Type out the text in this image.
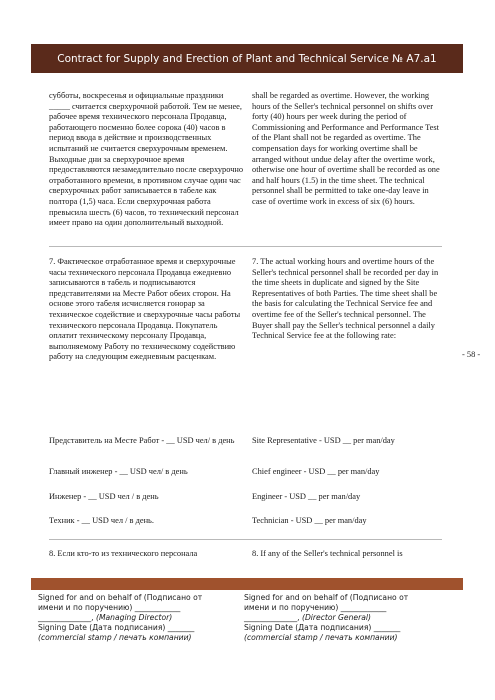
Contract for Supply and Erection of Plant and Technical Service № A7.a1

субботы, воскресенья и официальные праздники _____ считается сверхурочной работой. Тем не менее, рабочее время технического персонала Продавца, работающего посменно более сорока (40) часов в период ввода в действие и производственных испытаний не считается сверхурочным временем. Выходные дни за сверхурочное время предоставляются незамедлительно после сверхурочно отработанного времени, в противном случае один час сверхурочных работ записывается в табеле как полтора (1,5) часа. Если сверхурочная работа превысила шесть (6) часов, то технический персонал имеет право на один дополнительный выходной.

shall be regarded as overtime. However, the working hours of the Seller's technical personnel on shifts over forty (40) hours per week during the period of Commissioning and Performance and Performance Test of the Plant shall not be regarded as overtime. The compensation days for working overtime shall be arranged without undue delay after the overtime work, otherwise one hour of overtime shall be recorded as one and half hours (1.5) in the time sheet. The technical personnel shall be permitted to take one-day leave in case of overtime work in excess of six (6) hours.

7. Фактическое отработанное время и сверхурочные часы технического персонала Продавца ежедневно записываются в табель и подписываются представителями на Месте Работ обеих сторон. На основе этого табеля исчисляется гонорар за техническое содействие и сверхурочные часы работы технического персонала Продавца. Покупатель оплатит техническому персоналу Продавца, выполняемому Работу по техническому содействию работу на следующим ежедневным расценкам.

7. The actual working hours and overtime hours of the Seller's technical personnel shall be recorded per day in the time sheets in duplicate and signed by the Site Representatives of both Parties. The time sheet shall be the basis for calculating the Technical Service fee and overtime fee of the Seller's technical personnel. The Buyer shall pay the Seller's technical personnel a daily Technical Service fee at the following rate:

- 58 -

Представитель на Месте Работ - __ USD чел/ в день	Site Representative - USD __ per man/day

Главный инженер - __ USD чел/ в день	Chief engineer - USD __ per man/day

Инженер - __ USD чел / в день	Engineer - USD __ per man/day

Техник - __ USD чел / в день.	Technician - USD __ per man/day

8. Если кто-то из технического персонала	8. If any of the Seller's technical personnel is

Signed for and on behalf of (Подписано от
имени и по поручению) ____________
______________, (Managing Director)
Signing Date (Дата подписания) _______
(commercial stamp / печать компании)
Signed for and on behalf of (Подписано от
имени и по поручению) ____________
______________, (Director General)
Signing Date (Дата подписания) _______
(commercial stamp / печать компании)
